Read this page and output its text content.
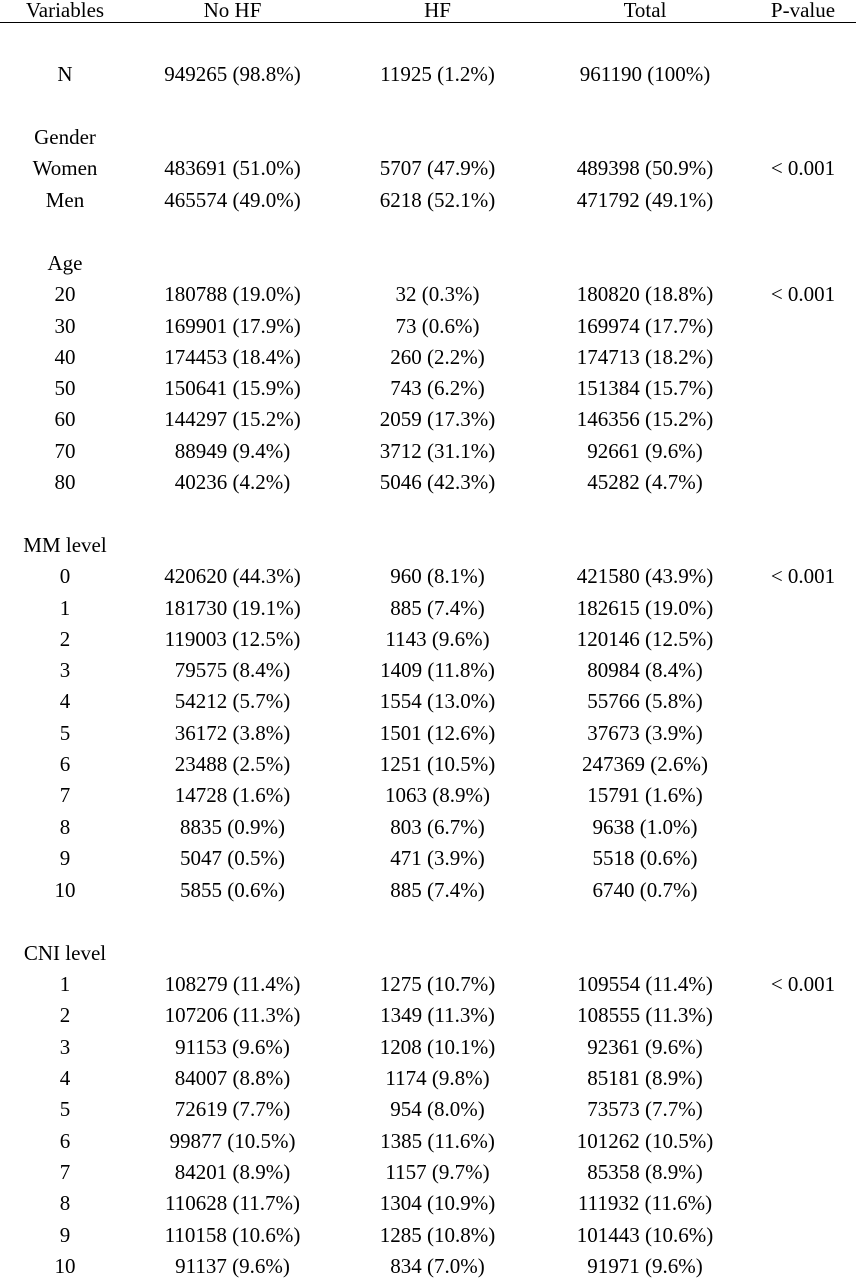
Variables	No HF	HF	Total	P-value
N	949265 (98.8%)	11925 (1.2%)	961190 (100%)
Gender
Women	483691 (51.0%)	5707 (47.9%)	489398 (50.9%)	< 0.001
Men	465574 (49.0%)	6218 (52.1%)	471792 (49.1%)
Age
20	180788 (19.0%)	32 (0.3%)	180820 (18.8%)	< 0.001
30	169901 (17.9%)	73 (0.6%)	169974 (17.7%)
40	174453 (18.4%)	260 (2.2%)	174713 (18.2%)
50	150641 (15.9%)	743 (6.2%)	151384 (15.7%)
60	144297 (15.2%)	2059 (17.3%)	146356 (15.2%)
70	88949 (9.4%)	3712 (31.1%)	92661 (9.6%)
80	40236 (4.2%)	5046 (42.3%)	45282 (4.7%)
MM level
0	420620 (44.3%)	960 (8.1%)	421580 (43.9%)	< 0.001
1	181730 (19.1%)	885 (7.4%)	182615 (19.0%)
2	119003 (12.5%)	1143 (9.6%)	120146 (12.5%)
3	79575 (8.4%)	1409 (11.8%)	80984 (8.4%)
4	54212 (5.7%)	1554 (13.0%)	55766 (5.8%)
5	36172 (3.8%)	1501 (12.6%)	37673 (3.9%)
6	23488 (2.5%)	1251 (10.5%)	247369 (2.6%)
7	14728 (1.6%)	1063 (8.9%)	15791 (1.6%)
8	8835 (0.9%)	803 (6.7%)	9638 (1.0%)
9	5047 (0.5%)	471 (3.9%)	5518 (0.6%)
10	5855 (0.6%)	885 (7.4%)	6740 (0.7%)
CNI level
1	108279 (11.4%)	1275 (10.7%)	109554 (11.4%)	< 0.001
2	107206 (11.3%)	1349 (11.3%)	108555 (11.3%)
3	91153 (9.6%)	1208 (10.1%)	92361 (9.6%)
4	84007 (8.8%)	1174 (9.8%)	85181 (8.9%)
5	72619 (7.7%)	954 (8.0%)	73573 (7.7%)
6	99877 (10.5%)	1385 (11.6%)	101262 (10.5%)
7	84201 (8.9%)	1157 (9.7%)	85358 (8.9%)
8	110628 (11.7%)	1304 (10.9%)	111932 (11.6%)
9	110158 (10.6%)	1285 (10.8%)	101443 (10.6%)
10	91137 (9.6%)	834 (7.0%)	91971 (9.6%)
